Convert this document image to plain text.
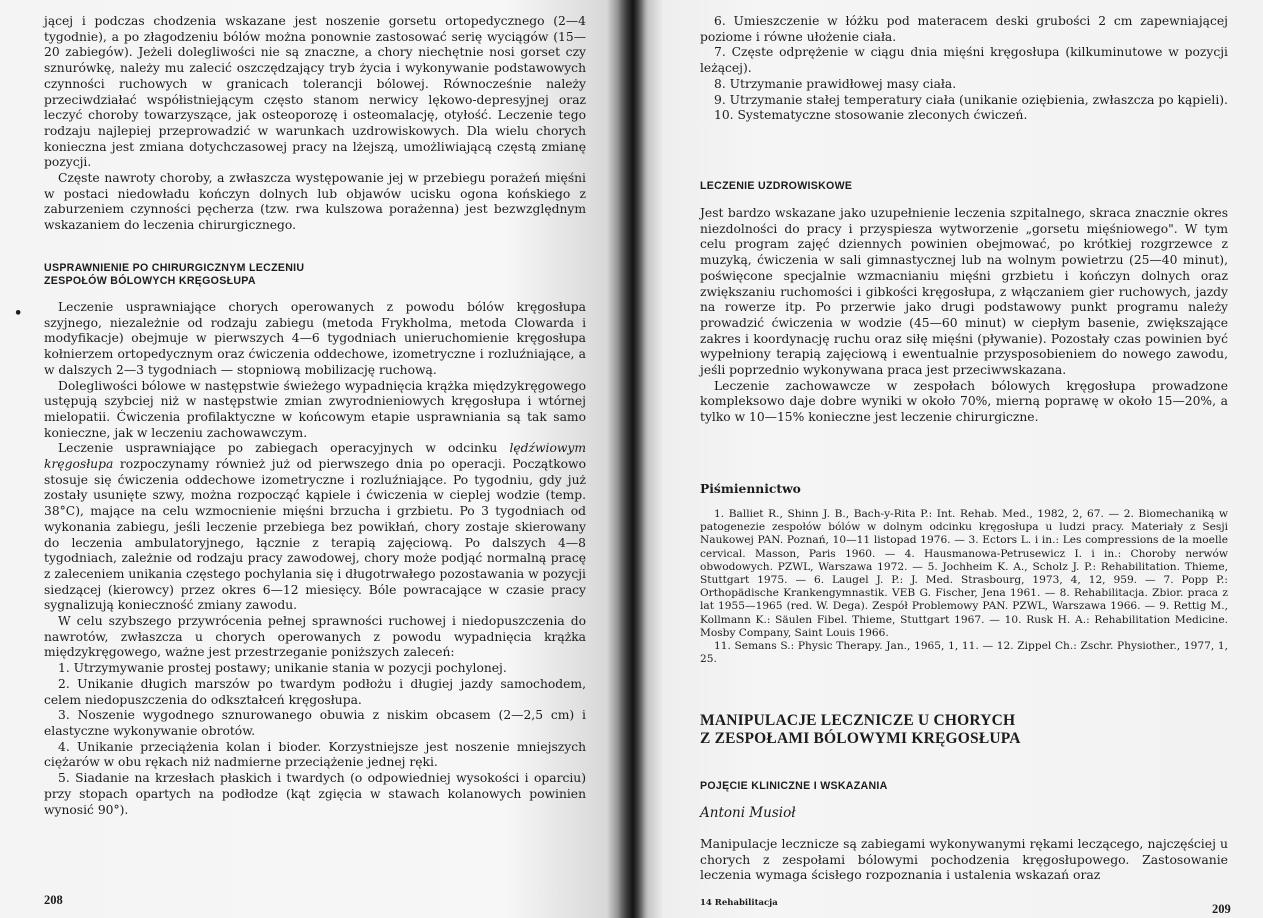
jącej i podczas chodzenia wskazane jest noszenie gorsetu ortopedycznego (2—4 tygodnie), a po złagodzeniu bólów można ponownie zastosować serię wyciągów (15—20 zabiegów). Jeżeli dolegliwości nie są znaczne, a chory niechętnie nosi gorset czy sznurówkę, należy mu zalecić oszczędzający tryb życia i wykonywanie podstawowych czynności ruchowych w granicach tolerancji bólowej. Równocześnie należy przeciwdziałać współistniejącym często stanom nerwicy lękowo-depresyjnej oraz leczyć choroby towarzyszące, jak osteoporozę i osteomalację, otyłość. Leczenie tego rodzaju najlepiej przeprowadzić w warunkach uzdrowiskowych. Dla wielu chorych konieczna jest zmiana dotychczasowej pracy na lżejszą, umożliwiającą częstą zmianę pozycji.

Częste nawroty choroby, a zwłaszcza występowanie jej w przebiegu porażeń mięśni w postaci niedowładu kończyn dolnych lub objawów ucisku ogona końskiego z zaburzeniem czynności pęcherza (tzw. rwa kulszowa porażenna) jest bezwzględnym wskazaniem do leczenia chirurgicznego.

USPRAWNIENIE PO CHIRURGICZNYM LECZENIU
ZESPOŁÓW BÓLOWYCH KRĘGOSŁUPA
•	Leczenie usprawniające chorych operowanych z powodu bólów kręgosłupa szyjnego, niezależnie od rodzaju zabiegu (metoda Frykholma, metoda Clowarda i modyfikacje) obejmuje w pierwszych 4—6 tygodniach unieruchomienie kręgosłupa kołnierzem ortopedycznym oraz ćwiczenia oddechowe, izometryczne i rozluźniające, a w dalszych 2—3 tygodniach — stopniową mobilizację ruchową.

Dolegliwości bólowe w następstwie świeżego wypadnięcia krążka międzykręgowego ustępują szybciej niż w następstwie zmian zwyrodnieniowych kręgosłupa i wtórnej mielopatii. Ćwiczenia profilaktyczne w końcowym etapie usprawniania są tak samo konieczne, jak w leczeniu zachowawczym.

Leczenie usprawniające po zabiegach operacyjnych w odcinku lędźwiowym kręgosłupa rozpoczynamy również już od pierwszego dnia po operacji. Początkowo stosuje się ćwiczenia oddechowe izometryczne i rozluźniające. Po tygodniu, gdy już zostały usunięte szwy, można rozpocząć kąpiele i ćwiczenia w cieplej wodzie (temp. 38°C), mające na celu wzmocnienie mięśni brzucha i grzbietu. Po 3 tygodniach od wykonania zabiegu, jeśli leczenie przebiega bez powikłań, chory zostaje skierowany do leczenia ambulatoryjnego, łącznie z terapią zajęciową. Po dalszych 4—8 tygodniach, zależnie od rodzaju pracy zawodowej, chory może podjąć normalną pracę z zaleceniem unikania częstego pochylania się i długotrwałego pozostawania w pozycji siedzącej (kierowcy) przez okres 6—12 miesięcy. Bóle powracające w czasie pracy sygnalizują konieczność zmiany zawodu.

W celu szybszego przywrócenia pełnej sprawności ruchowej i niedopuszczenia do nawrotów, zwłaszcza u chorych operowanych z powodu wypadnięcia krążka międzykręgowego, ważne jest przestrzeganie poniższych zaleceń:

1. Utrzymywanie prostej postawy; unikanie stania w pozycji pochylonej.

2. Unikanie długich marszów po twardym podłożu i długiej jazdy samochodem, celem niedopuszczenia do odkształceń kręgosłupa.

3. Noszenie wygodnego sznurowanego obuwia z niskim obcasem (2—2,5 cm) i elastyczne wykonywanie obrotów.

4. Unikanie przeciążenia kolan i bioder. Korzystniejsze jest noszenie mniejszych ciężarów w obu rękach niż nadmierne przeciążenie jednej ręki.

5. Siadanie na krzesłach płaskich i twardych (o odpowiedniej wysokości i oparciu) przy stopach opartych na podłodze (kąt zgięcia w stawach kolanowych powinien wynosić 90°).

208

6. Umieszczenie w łóżku pod materacem deski grubości 2 cm zapewniającej poziome i równe ułożenie ciała.

7. Częste odprężenie w ciągu dnia mięśni kręgosłupa (kilkuminutowe w pozycji leżącej).

8. Utrzymanie prawidłowej masy ciała.

9. Utrzymanie stałej temperatury ciała (unikanie oziębienia, zwłaszcza po kąpieli).

10. Systematyczne stosowanie zleconych ćwiczeń.

LECZENIE UZDROWISKOWE

Jest bardzo wskazane jako uzupełnienie leczenia szpitalnego, skraca znacznie okres niezdolności do pracy i przyspiesza wytworzenie „gorsetu mięśniowego". W tym celu program zajęć dziennych powinien obejmować, po krótkiej rozgrzewce z muzyką, ćwiczenia w sali gimnastycznej lub na wolnym powietrzu (25—40 minut), poświęcone specjalnie wzmacnianiu mięśni grzbietu i kończyn dolnych oraz zwiększaniu ruchomości i gibkości kręgosłupa, z włączaniem gier ruchowych, jazdy na rowerze itp. Po przerwie jako drugi podstawowy punkt programu należy prowadzić ćwiczenia w wodzie (45—60 minut) w ciepłym basenie, zwiększające zakres i koordynację ruchu oraz siłę mięśni (pływanie). Pozostały czas powinien być wypełniony terapią zajęciową i ewentualnie przysposobieniem do nowego zawodu, jeśli poprzednio wykonywana praca jest przeciwwskazana.

Leczenie zachowawcze w zespołach bólowych kręgosłupa prowadzone kompleksowo daje dobre wyniki w około 70%, mierną poprawę w około 15—20%, a tylko w 10—15% konieczne jest leczenie chirurgiczne.

Piśmiennictwo

1. Balliet R., Shinn J. B., Bach-y-Rita P.: Int. Rehab. Med., 1982, 2, 67. — 2. Biomechaniką w patogenezie zespołów bólów w dolnym odcinku kręgosłupa u ludzi pracy. Materiały z Sesji Naukowej PAN. Poznań, 10—11 listopad 1976. — 3. Ectors L. i in.: Les compressions de la moelle cervical. Masson, Paris 1960. — 4. Hausmanowa-Petrusewicz I. i in.: Choroby nerwów obwodowych. PZWL, Warszawa 1972. — 5. Jochheim K. A., Scholz J. P.: Rehabilitation. Thieme, Stuttgart 1975. — 6. Laugel J. P.: J. Med. Strasbourg, 1973, 4, 12, 959. — 7. Popp P.: Orthopädische Krankengymnastik. VEB G. Fischer, Jena 1961. — 8. Rehabilitacja. Zbior. praca z lat 1955—1965 (red. W. Dega). Zespół Problemowy PAN. PZWL, Warszawa 1966. — 9. Rettig M., Kollmann K.: Säulen Fibel. Thieme, Stuttgart 1967. — 10. Rusk H. A.: Rehabilitation Medicine. Mosby Company, Saint Louis 1966.

11. Semans S.: Physic Therapy. Jan., 1965, 1, 11. — 12. Zippel Ch.: Zschr. Physiother., 1977, 1, 25.

MANIPULACJE LECZNICZE U CHORYCH
Z ZESPOŁAMI BÓLOWYMI KRĘGOSŁUPA
POJĘCIE KLINICZNE I WSKAZANIA
Antoni Musioł

Manipulacje lecznicze są zabiegami wykonywanymi rękami leczącego, najczęściej u chorych z zespołami bólowymi pochodzenia kręgosłupowego. Zastosowanie leczenia wymaga ścisłego rozpoznania i ustalenia wskazań oraz

14 Rehabilitacja	209
